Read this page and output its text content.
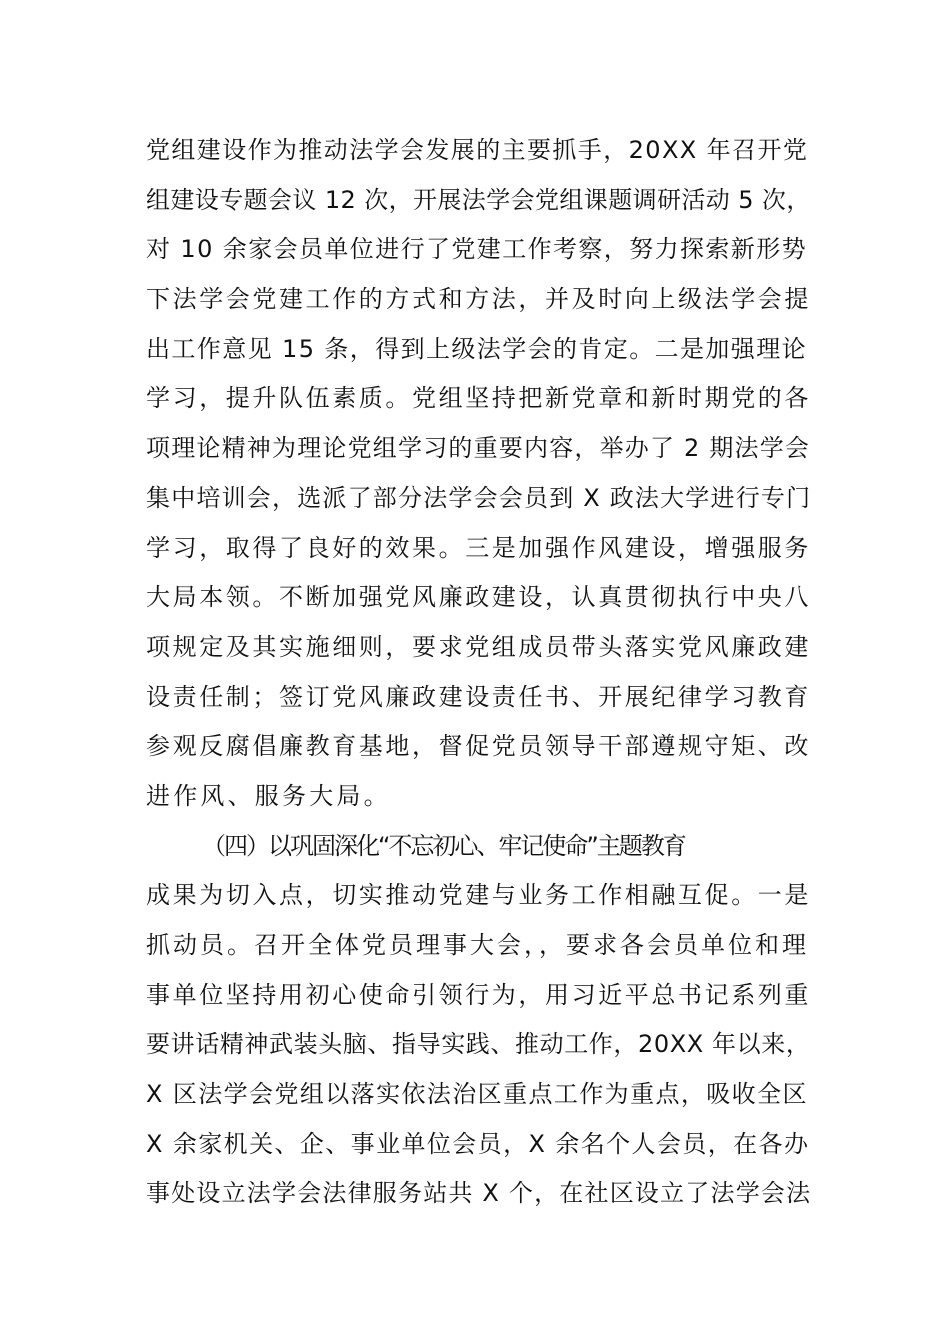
党组建设作为推动法学会发展的主要抓手，20XX 年召开党
组建设专题会议 12 次，开展法学会党组课题调研活动 5 次，
对 10 余家会员单位进行了党建工作考察，努力探索新形势
下法学会党建工作的方式和方法，并及时向上级法学会提
出工作意见 15 条，得到上级法学会的肯定。二是加强理论
学习，提升队伍素质。党组坚持把新党章和新时期党的各
项理论精神为理论党组学习的重要内容，举办了 2 期法学会
集中培训会，选派了部分法学会会员到 X 政法大学进行专门
学习，取得了良好的效果。三是加强作风建设，增强服务
大局本领。不断加强党风廉政建设，认真贯彻执行中央八
项规定及其实施细则，要求党组成员带头落实党风廉政建
设责任制；签订党风廉政建设责任书、开展纪律学习教育
参观反腐倡廉教育基地，督促党员领导干部遵规守矩、改
进作风、服务大局。
（四）以巩固深化“不忘初心、牢记使命”主题教育
成果为切入点，切实推动党建与业务工作相融互促。一是
抓动员。召开全体党员理事大会，，要求各会员单位和理
事单位坚持用初心使命引领行为，用习近平总书记系列重
要讲话精神武装头脑、指导实践、推动工作，20XX 年以来，
X 区法学会党组以落实依法治区重点工作为重点，吸收全区
X 余家机关、企、事业单位会员，X 余名个人会员，在各办
事处设立法学会法律服务站共 X 个，在社区设立了法学会法
